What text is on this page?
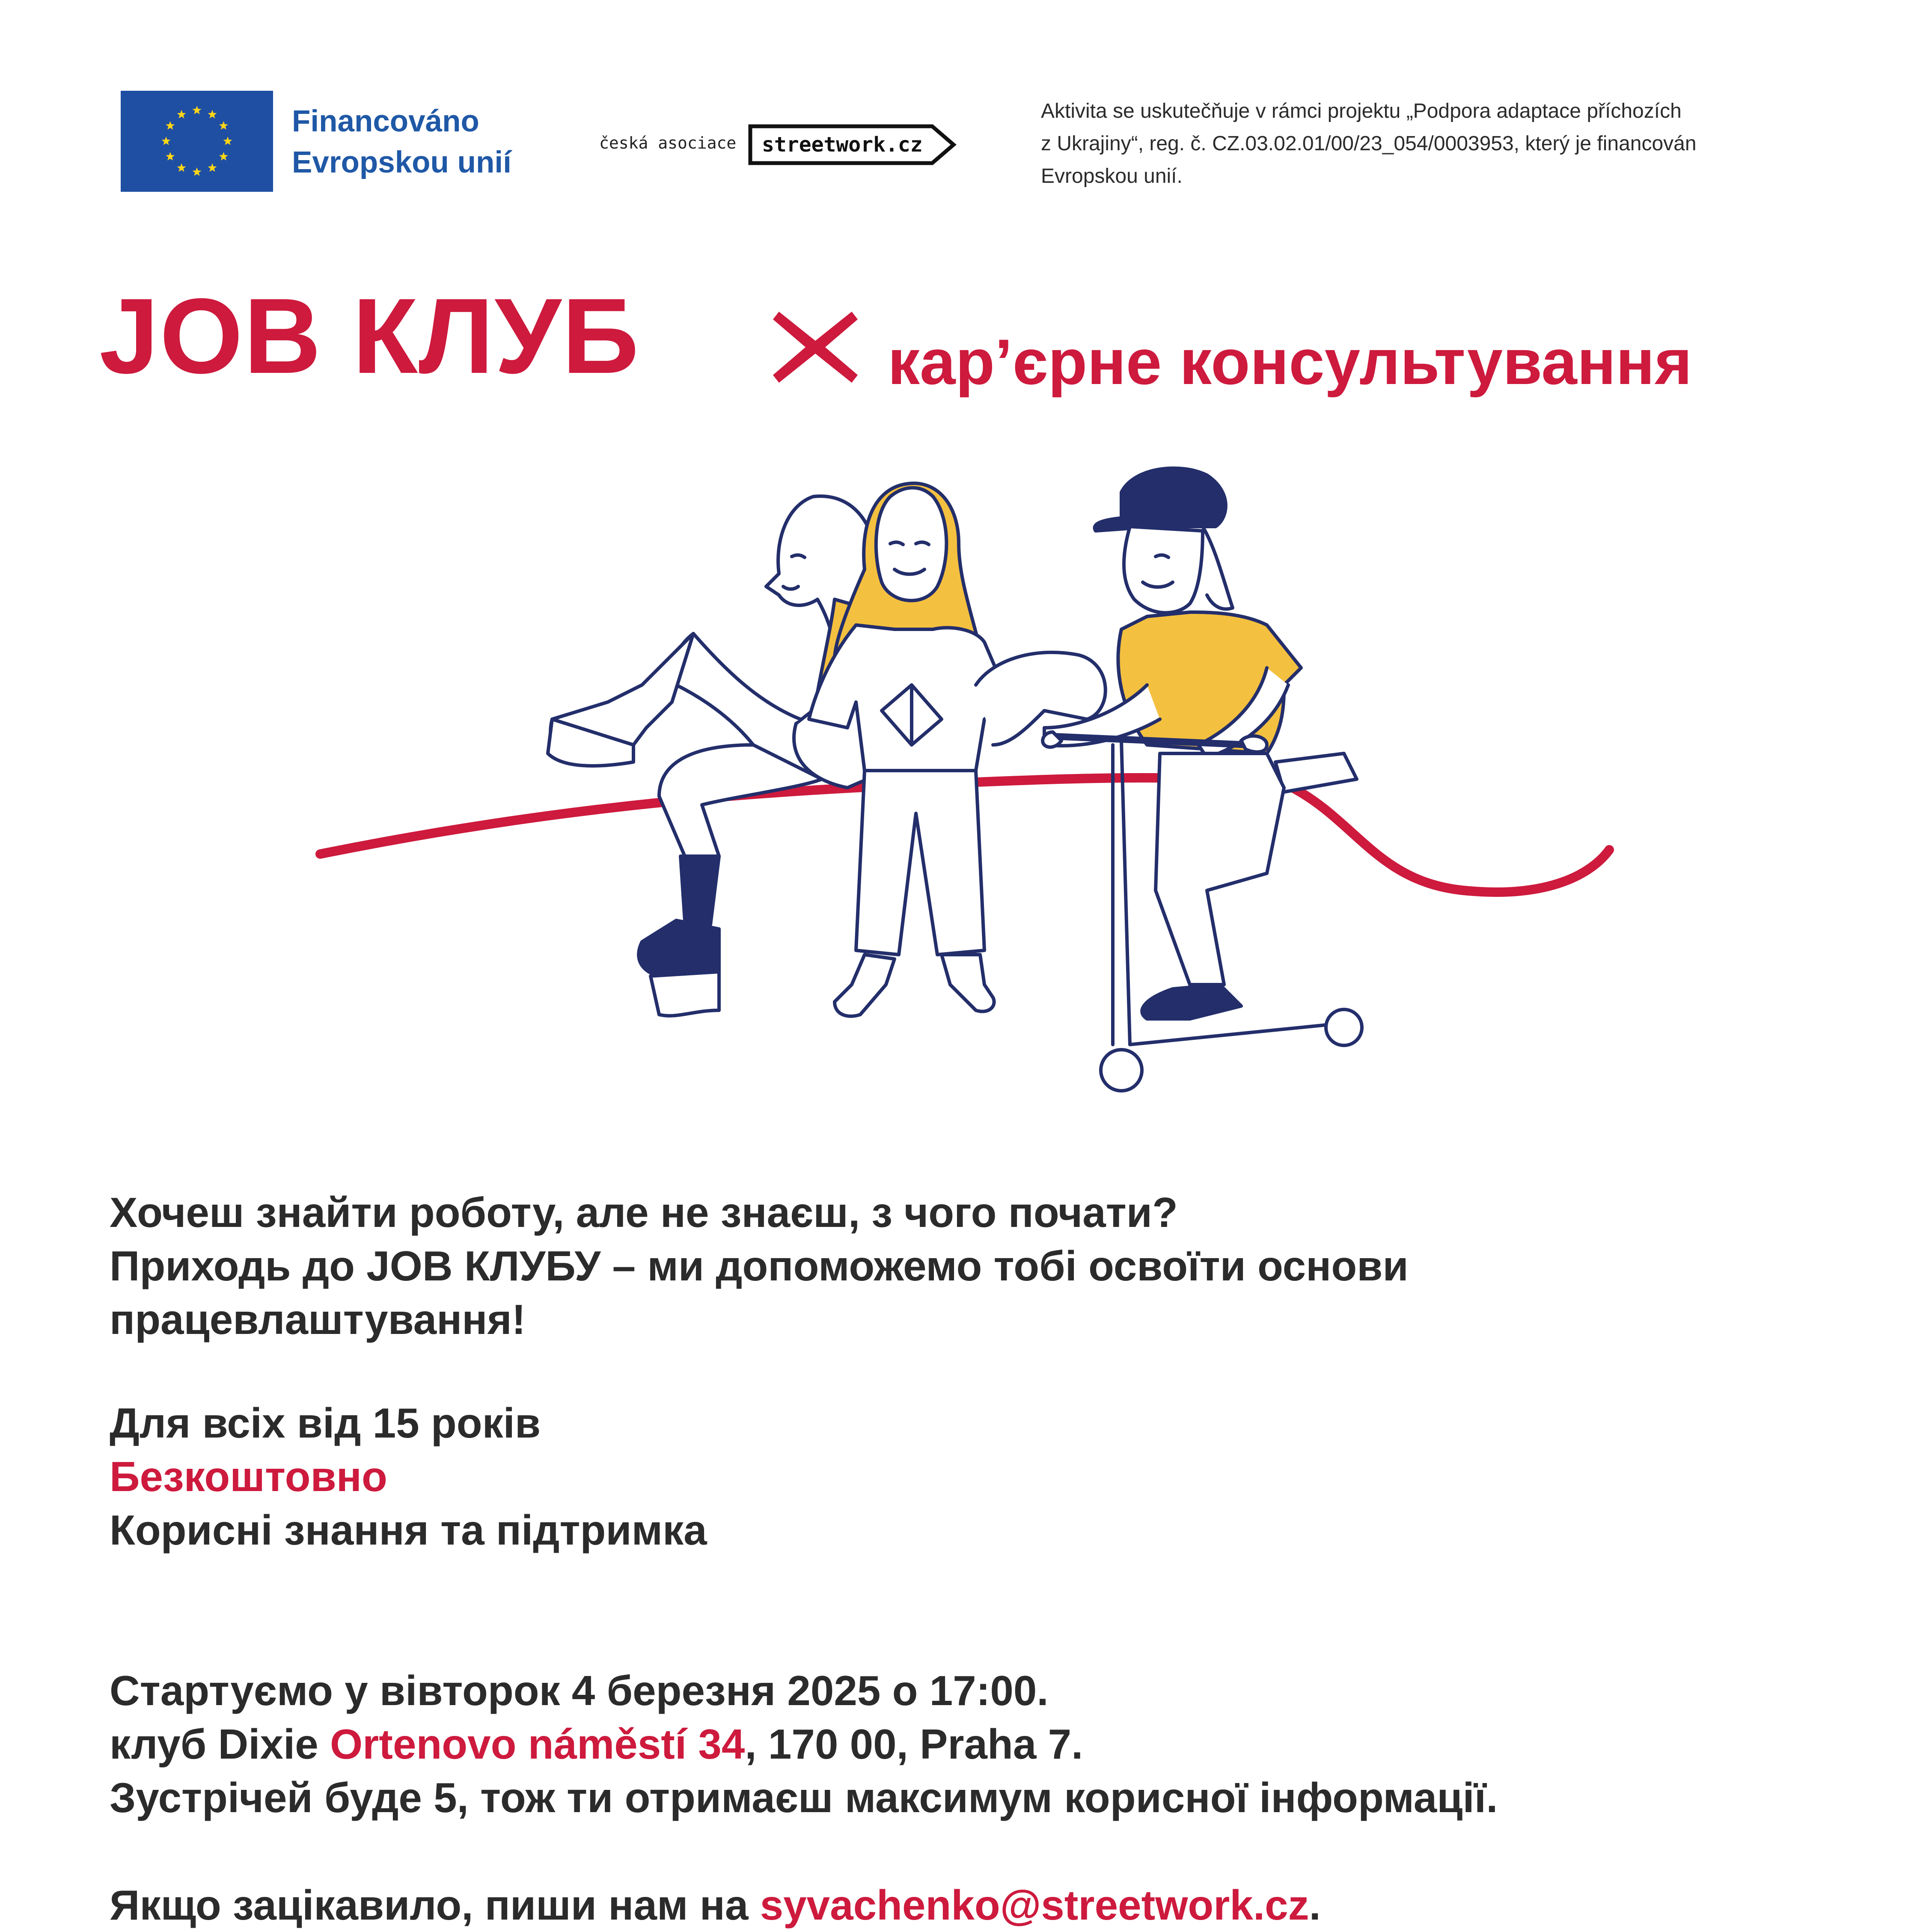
Financováno
Evropskou unií
česká asociace streetwork.cz
Aktivita se uskutečňuje v rámci projektu „Podpora adaptace příchozích
z Ukrajiny“, reg. č. CZ.03.02.01/00/23_054/0003953, který je financován
Evropskou unií.
JOB КЛУБ	кар’єрне консультування
Хочеш знайти роботу, але не знаєш, з чого почати?
Приходь до JOB КЛУБУ – ми допоможемо тобі освоїти основи
працевлаштування!
Для всіх від 15 років
Безкоштовно
Корисні знання та підтримка
Стартуємо у вівторок 4 березня 2025 о 17:00.
клуб Dixie Ortenovo náměstí 34, 170 00, Praha 7.
Зустрічей буде 5, тож ти отримаєш максимум корисної інформації.
Якщо зацікавило, пиши нам на syvachenko@streetwork.cz.
